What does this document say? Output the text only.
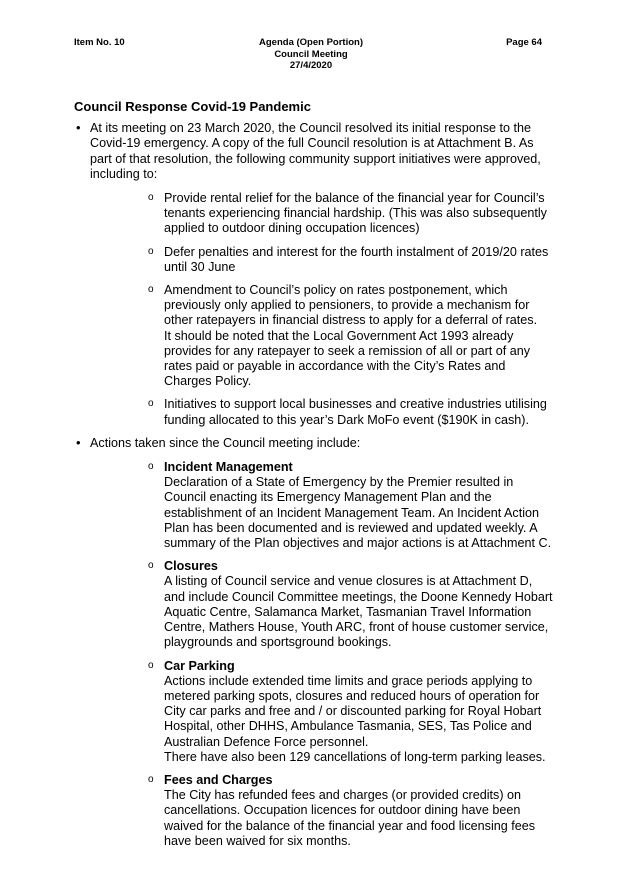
Item No. 10	Agenda (Open Portion)
Council Meeting
27/4/2020
Page 64
Council Response Covid-19 Pandemic
• At its meeting on 23 March 2020, the Council resolved its initial response to the Covid-19 emergency. A copy of the full Council resolution is at Attachment B. As part of that resolution, the following community support initiatives were approved, including to:
o Provide rental relief for the balance of the financial year for Council’s tenants experiencing financial hardship. (This was also subsequently applied to outdoor dining occupation licences)
o Defer penalties and interest for the fourth instalment of 2019/20 rates until 30 June
o Amendment to Council’s policy on rates postponement, which previously only applied to pensioners, to provide a mechanism for other ratepayers in financial distress to apply for a deferral of rates.
It should be noted that the Local Government Act 1993 already provides for any ratepayer to seek a remission of all or part of any rates paid or payable in accordance with the City’s Rates and Charges Policy.
o Initiatives to support local businesses and creative industries utilising funding allocated to this year’s Dark MoFo event ($190K in cash).
• Actions taken since the Council meeting include:
o Incident Management
Declaration of a State of Emergency by the Premier resulted in Council enacting its Emergency Management Plan and the establishment of an Incident Management Team. An Incident Action Plan has been documented and is reviewed and updated weekly. A summary of the Plan objectives and major actions is at Attachment C.
o Closures
A listing of Council service and venue closures is at Attachment D, and include Council Committee meetings, the Doone Kennedy Hobart Aquatic Centre, Salamanca Market, Tasmanian Travel Information Centre, Mathers House, Youth ARC, front of house customer service, playgrounds and sportsground bookings.
o Car Parking
Actions include extended time limits and grace periods applying to metered parking spots, closures and reduced hours of operation for City car parks and free and / or discounted parking for Royal Hobart Hospital, other DHHS, Ambulance Tasmania, SES, Tas Police and Australian Defence Force personnel.
There have also been 129 cancellations of long-term parking leases.
o Fees and Charges
The City has refunded fees and charges (or provided credits) on cancellations. Occupation licences for outdoor dining have been waived for the balance of the financial year and food licensing fees have been waived for six months.
